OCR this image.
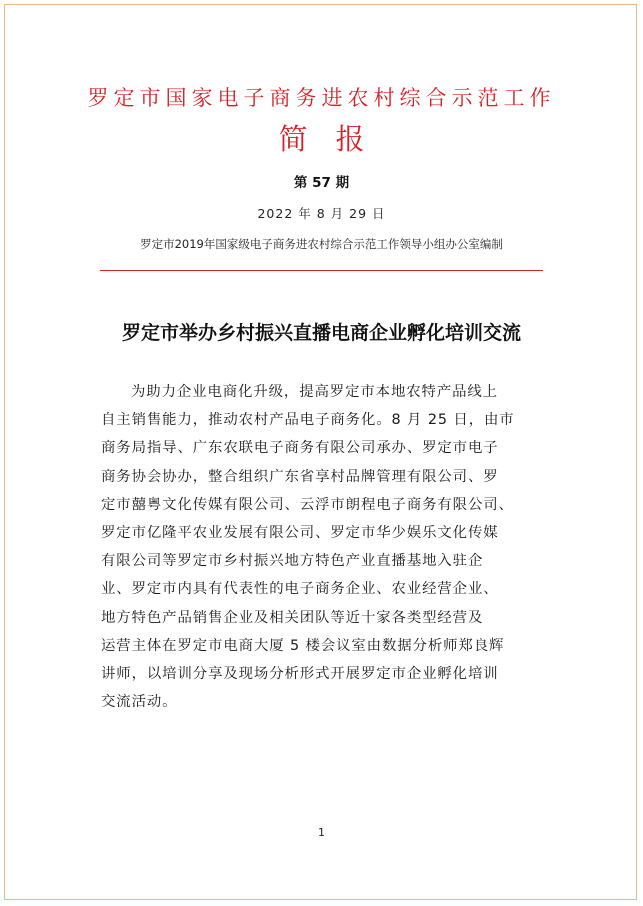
罗定市国家电子商务进农村综合示范工作
简报
第 57 期
2022 年 8 月 29 日
罗定市2019年国家级电子商务进农村综合示范工作领导小组办公室编制
罗定市举办乡村振兴直播电商企业孵化培训交流
为助力企业电商化升级，提高罗定市本地农特产品线上
自主销售能力，推动农村产品电子商务化。8 月 25 日，由市
商务局指导、广东农联电子商务有限公司承办、罗定市电子
商务协会协办，整合组织广东省享村品牌管理有限公司、罗
定市囍粤文化传媒有限公司、云浮市朗程电子商务有限公司、
罗定市亿隆平农业发展有限公司、罗定市华少娱乐文化传媒
有限公司等罗定市乡村振兴地方特色产业直播基地入驻企
业、罗定市内具有代表性的电子商务企业、农业经营企业、
地方特色产品销售企业及相关团队等近十家各类型经营及
运营主体在罗定市电商大厦 5 楼会议室由数据分析师郑良辉
讲师，以培训分享及现场分析形式开展罗定市企业孵化培训
交流活动。
1
